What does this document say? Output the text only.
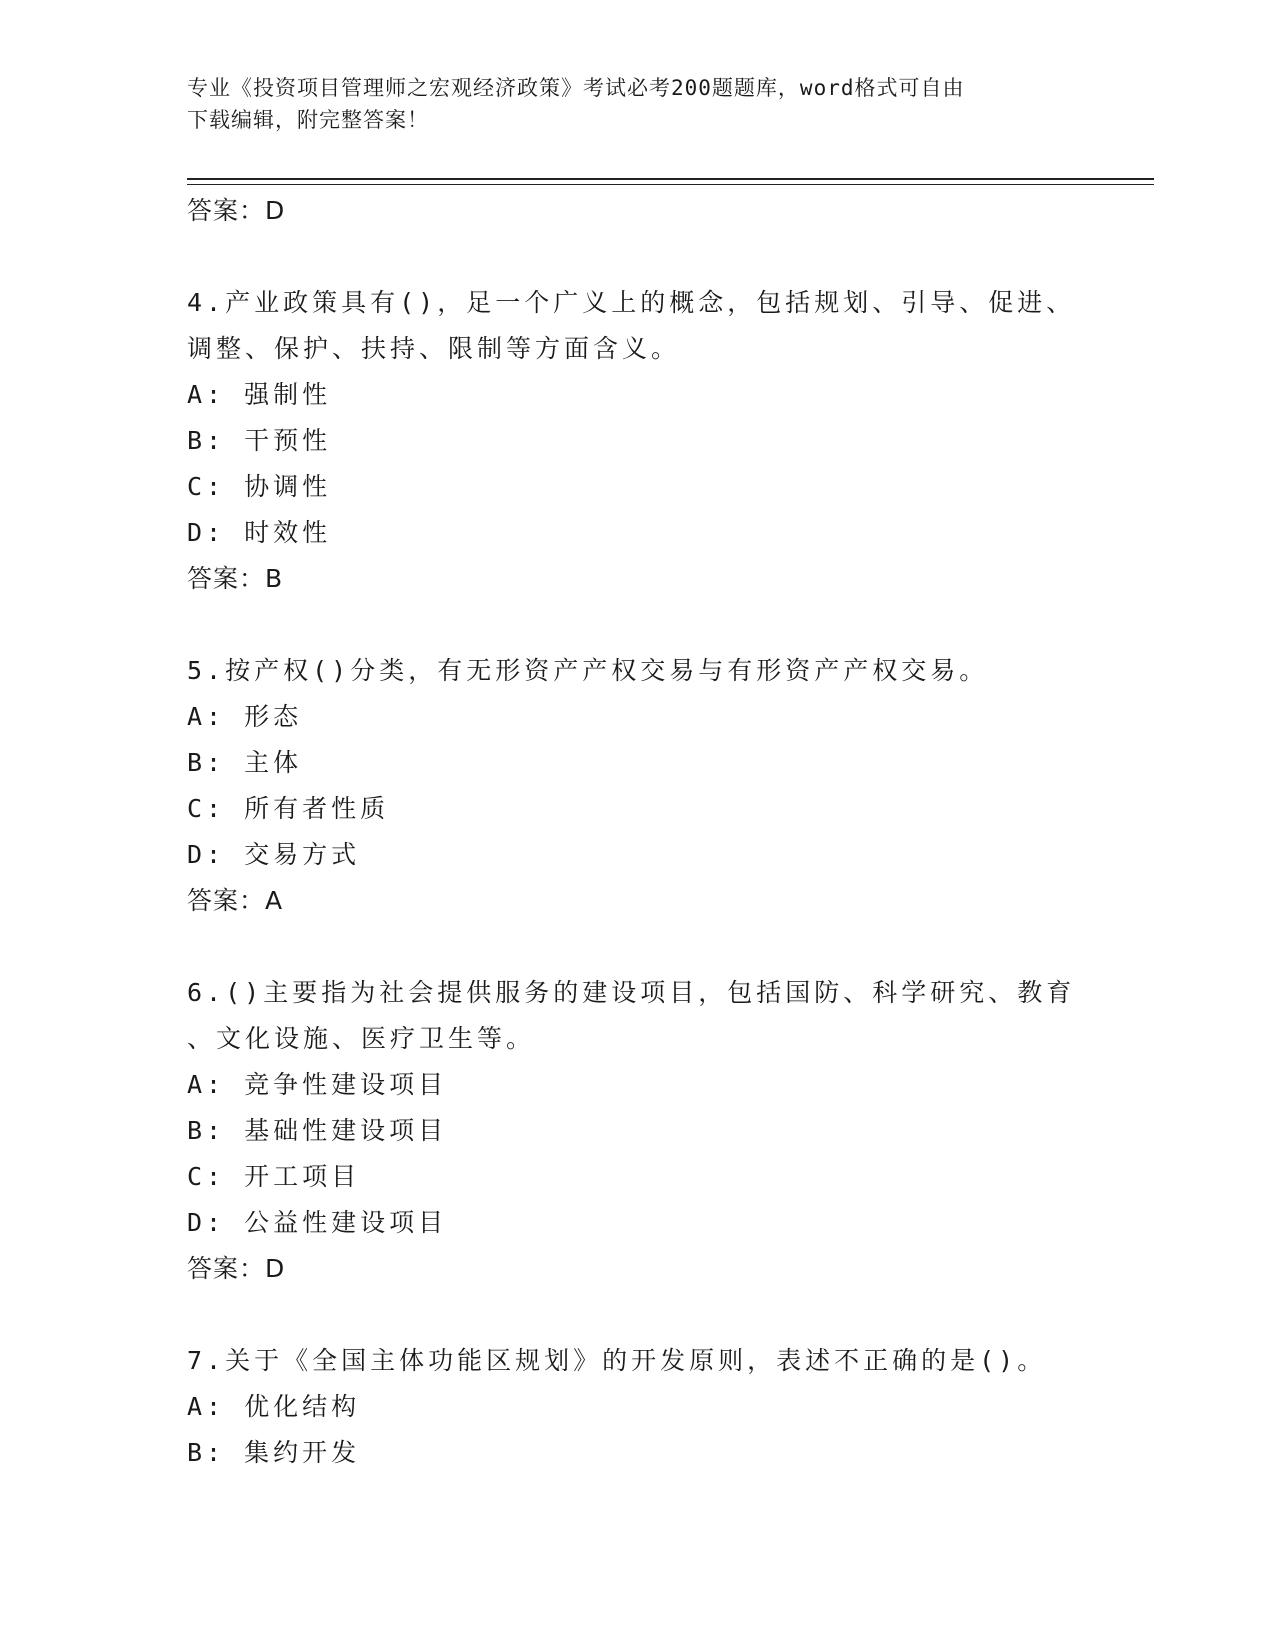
专业《投资项目管理师之宏观经济政策》考试必考200题题库，word格式可自由
下载编辑，附完整答案！
答案：D
4.产业政策具有()，足一个广义上的概念，包括规划、引导、促进、
调整、保护、扶持、限制等方面含义。
A: 强制性
B: 干预性
C: 协调性
D: 时效性
答案：B
5.按产权()分类，有无形资产产权交易与有形资产产权交易。
A: 形态
B: 主体
C: 所有者性质
D: 交易方式
答案：A
6.()主要指为社会提供服务的建设项目，包括国防、科学研究、教育
、文化设施、医疗卫生等。
A: 竞争性建设项目
B: 基础性建设项目
C: 开工项目
D: 公益性建设项目
答案：D
7.关于《全国主体功能区规划》的开发原则，表述不正确的是()。
A: 优化结构
B: 集约开发
